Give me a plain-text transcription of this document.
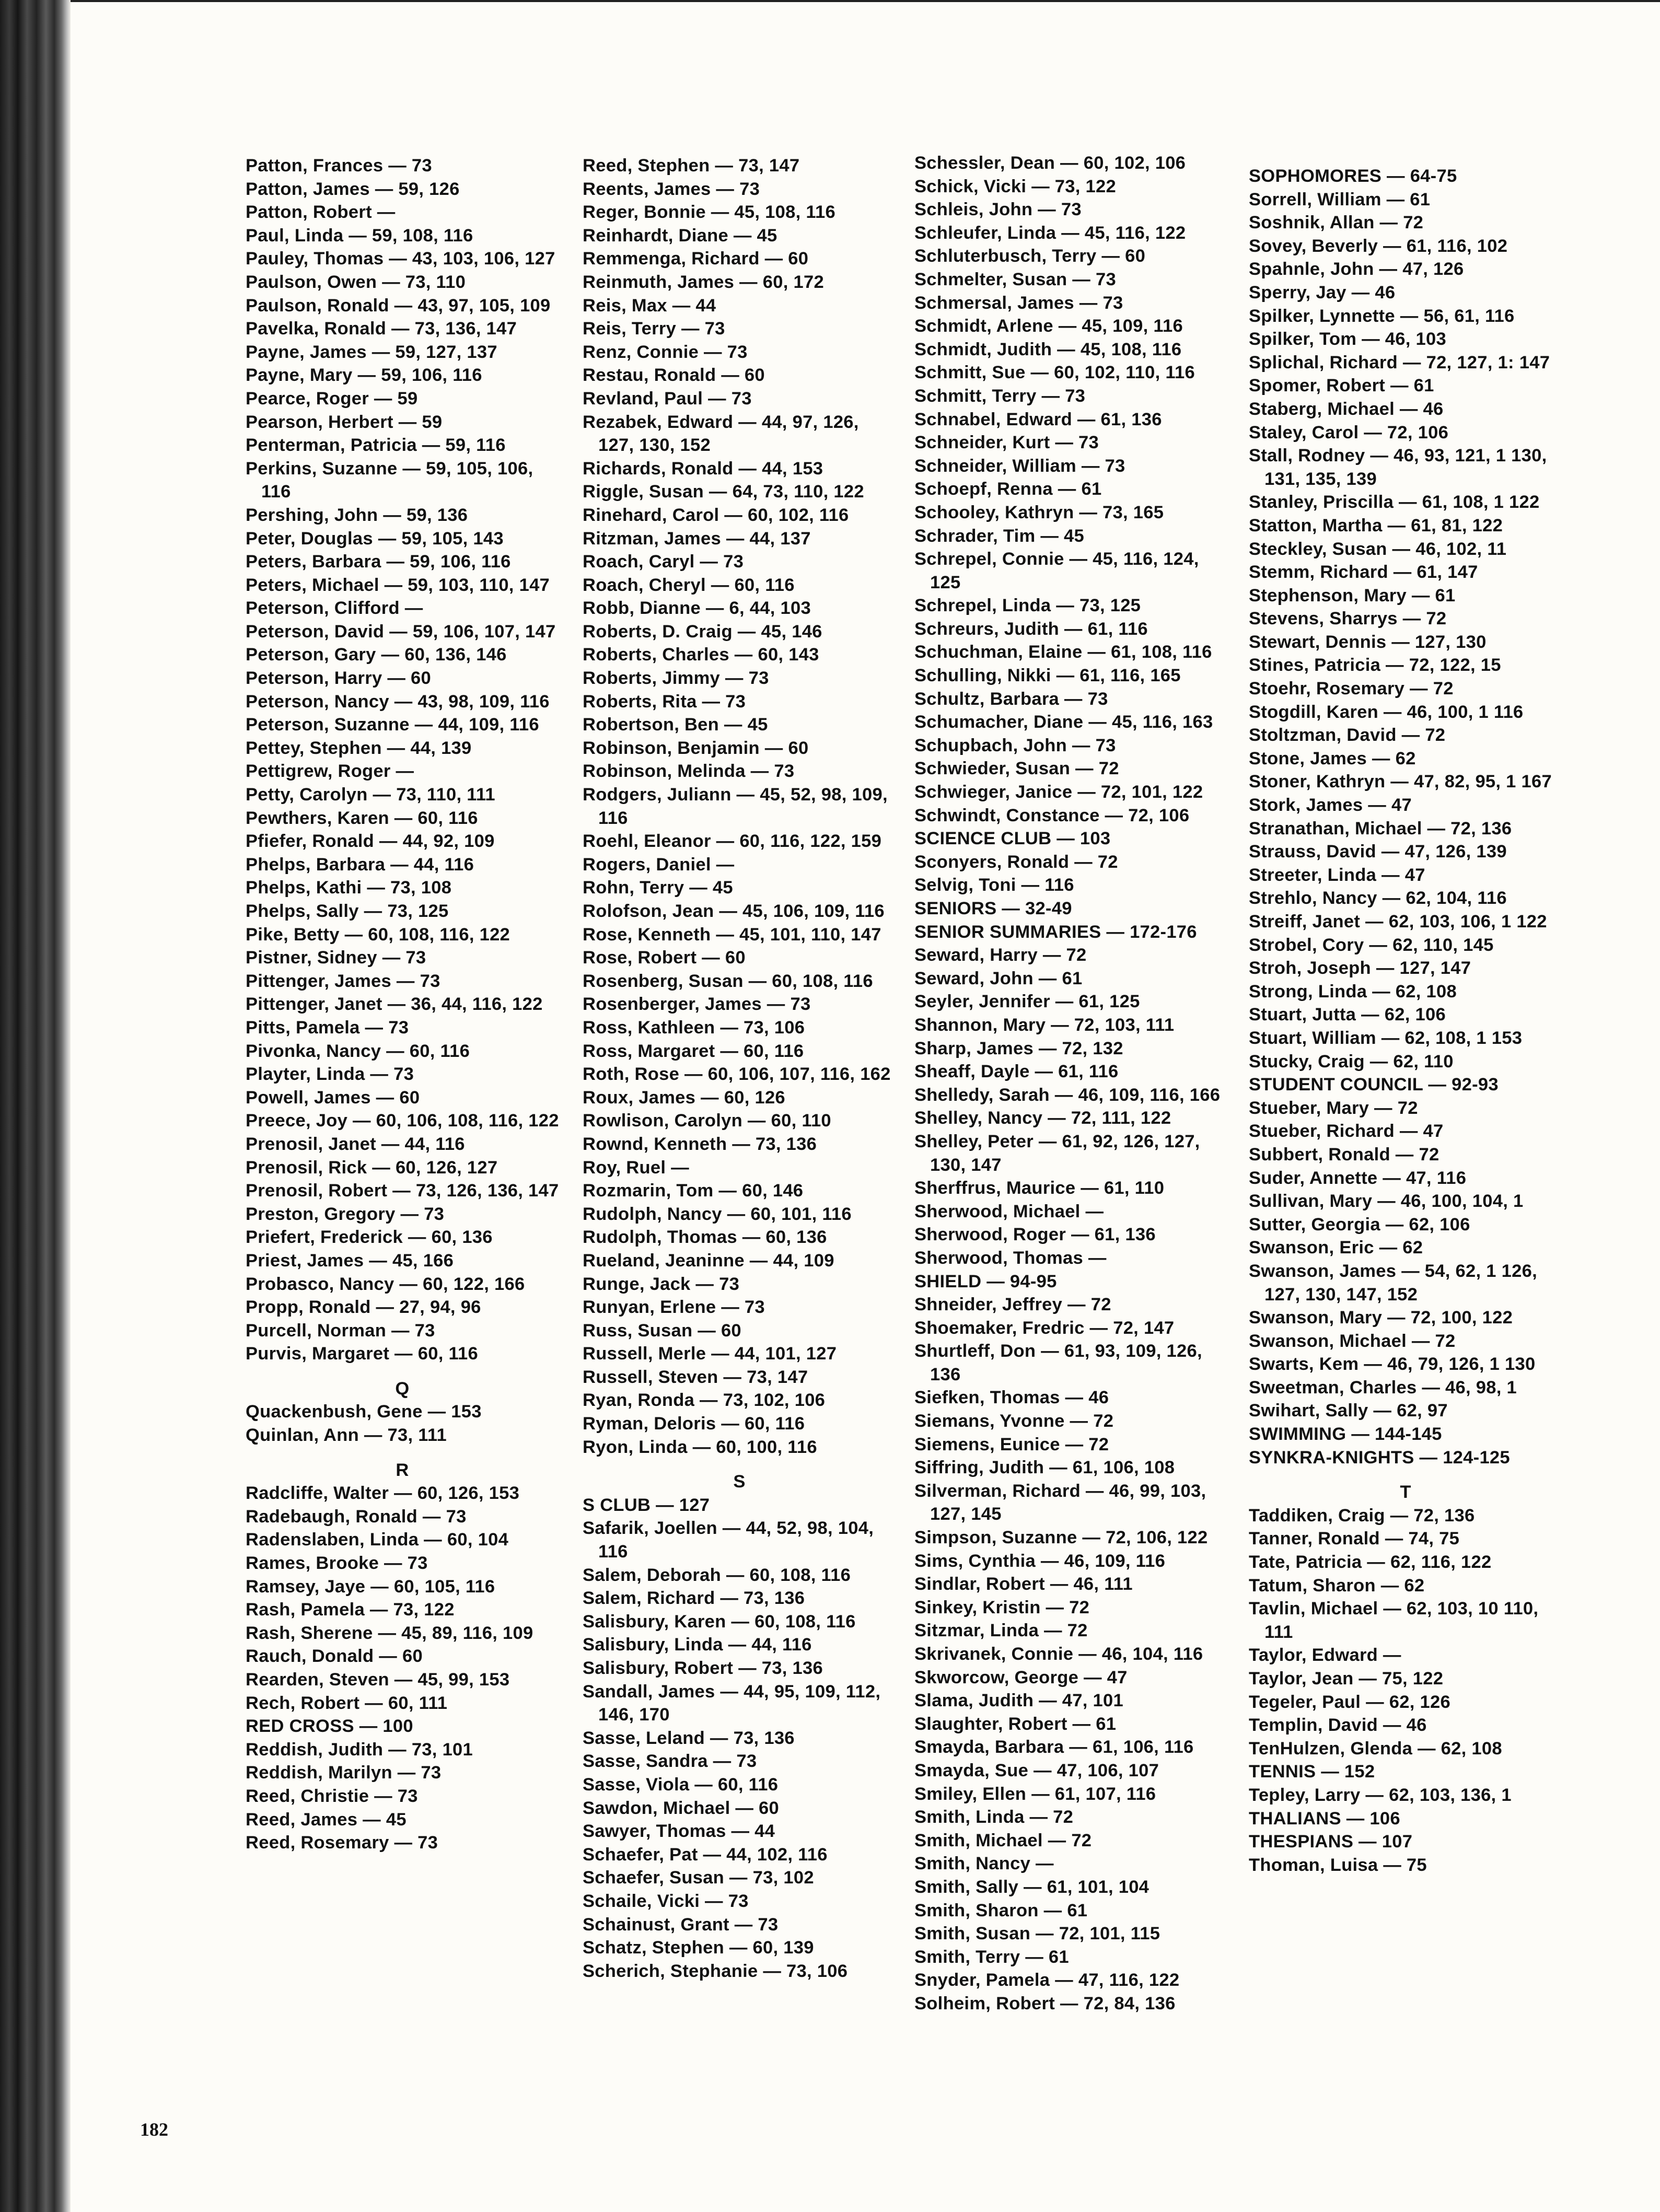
Patton, Frances — 73
Patton, James — 59, 126
Patton, Robert —
Paul, Linda — 59, 108, 116
Pauley, Thomas — 43, 103, 106, 127
Paulson, Owen — 73, 110
Paulson, Ronald — 43, 97, 105, 109
Pavelka, Ronald — 73, 136, 147
Payne, James — 59, 127, 137
Payne, Mary — 59, 106, 116
Pearce, Roger — 59
Pearson, Herbert — 59
Penterman, Patricia — 59, 116
Perkins, Suzanne — 59, 105, 106, 116
Pershing, John — 59, 136
Peter, Douglas — 59, 105, 143
Peters, Barbara — 59, 106, 116
Peters, Michael — 59, 103, 110, 147
Peterson, Clifford —
Peterson, David — 59, 106, 107, 147
Peterson, Gary — 60, 136, 146
Peterson, Harry — 60
Peterson, Nancy — 43, 98, 109, 116
Peterson, Suzanne — 44, 109, 116
Pettey, Stephen — 44, 139
Pettigrew, Roger —
Petty, Carolyn — 73, 110, 111
Pewthers, Karen — 60, 116
Pfiefer, Ronald — 44, 92, 109
Phelps, Barbara — 44, 116
Phelps, Kathi — 73, 108
Phelps, Sally — 73, 125
Pike, Betty — 60, 108, 116, 122
Pistner, Sidney — 73
Pittenger, James — 73
Pittenger, Janet — 36, 44, 116, 122
Pitts, Pamela — 73
Pivonka, Nancy — 60, 116
Playter, Linda — 73
Powell, James — 60
Preece, Joy — 60, 106, 108, 116, 122
Prenosil, Janet — 44, 116
Prenosil, Rick — 60, 126, 127
Prenosil, Robert — 73, 126, 136, 147
Preston, Gregory — 73
Priefert, Frederick — 60, 136
Priest, James — 45, 166
Probasco, Nancy — 60, 122, 166
Propp, Ronald — 27, 94, 96
Purcell, Norman — 73
Purvis, Margaret — 60, 116
Q
Quackenbush, Gene — 153
Quinlan, Ann — 73, 111
R
Radcliffe, Walter — 60, 126, 153
Radebaugh, Ronald — 73
Radenslaben, Linda — 60, 104
Rames, Brooke — 73
Ramsey, Jaye — 60, 105, 116
Rash, Pamela — 73, 122
Rash, Sherene — 45, 89, 116, 109
Rauch, Donald — 60
Rearden, Steven — 45, 99, 153
Rech, Robert — 60, 111
RED CROSS — 100
Reddish, Judith — 73, 101
Reddish, Marilyn — 73
Reed, Christie — 73
Reed, James — 45
Reed, Rosemary — 73
Reed, Stephen — 73, 147
Reents, James — 73
Reger, Bonnie — 45, 108, 116
Reinhardt, Diane — 45
Remmenga, Richard — 60
Reinmuth, James — 60, 172
Reis, Max — 44
Reis, Terry — 73
Renz, Connie — 73
Restau, Ronald — 60
Revland, Paul — 73
Rezabek, Edward — 44, 97, 126, 127, 130, 152
Richards, Ronald — 44, 153
Riggle, Susan — 64, 73, 110, 122
Rinehard, Carol — 60, 102, 116
Ritzman, James — 44, 137
Roach, Caryl — 73
Roach, Cheryl — 60, 116
Robb, Dianne — 6, 44, 103
Roberts, D. Craig — 45, 146
Roberts, Charles — 60, 143
Roberts, Jimmy — 73
Roberts, Rita — 73
Robertson, Ben — 45
Robinson, Benjamin — 60
Robinson, Melinda — 73
Rodgers, Juliann — 45, 52, 98, 109, 116
Roehl, Eleanor — 60, 116, 122, 159
Rogers, Daniel —
Rohn, Terry — 45
Rolofson, Jean — 45, 106, 109, 116
Rose, Kenneth — 45, 101, 110, 147
Rose, Robert — 60
Rosenberg, Susan — 60, 108, 116
Rosenberger, James — 73
Ross, Kathleen — 73, 106
Ross, Margaret — 60, 116
Roth, Rose — 60, 106, 107, 116, 162
Roux, James — 60, 126
Rowlison, Carolyn — 60, 110
Rownd, Kenneth — 73, 136
Roy, Ruel —
Rozmarin, Tom — 60, 146
Rudolph, Nancy — 60, 101, 116
Rudolph, Thomas — 60, 136
Rueland, Jeaninne — 44, 109
Runge, Jack — 73
Runyan, Erlene — 73
Russ, Susan — 60
Russell, Merle — 44, 101, 127
Russell, Steven — 73, 147
Ryan, Ronda — 73, 102, 106
Ryman, Deloris — 60, 116
Ryon, Linda — 60, 100, 116
S
S CLUB — 127
Safarik, Joellen — 44, 52, 98, 104, 116
Salem, Deborah — 60, 108, 116
Salem, Richard — 73, 136
Salisbury, Karen — 60, 108, 116
Salisbury, Linda — 44, 116
Salisbury, Robert — 73, 136
Sandall, James — 44, 95, 109, 112, 146, 170
Sasse, Leland — 73, 136
Sasse, Sandra — 73
Sasse, Viola — 60, 116
Sawdon, Michael — 60
Sawyer, Thomas — 44
Schaefer, Pat — 44, 102, 116
Schaefer, Susan — 73, 102
Schaile, Vicki — 73
Schainust, Grant — 73
Schatz, Stephen — 60, 139
Scherich, Stephanie — 73, 106
Schessler, Dean — 60, 102, 106
Schick, Vicki — 73, 122
Schleis, John — 73
Schleufer, Linda — 45, 116, 122
Schluterbusch, Terry — 60
Schmelter, Susan — 73
Schmersal, James — 73
Schmidt, Arlene — 45, 109, 116
Schmidt, Judith — 45, 108, 116
Schmitt, Sue — 60, 102, 110, 116
Schmitt, Terry — 73
Schnabel, Edward — 61, 136
Schneider, Kurt — 73
Schneider, William — 73
Schoepf, Renna — 61
Schooley, Kathryn — 73, 165
Schrader, Tim — 45
Schrepel, Connie — 45, 116, 124, 125
Schrepel, Linda — 73, 125
Schreurs, Judith — 61, 116
Schuchman, Elaine — 61, 108, 116
Schulling, Nikki — 61, 116, 165
Schultz, Barbara — 73
Schumacher, Diane — 45, 116, 163
Schupbach, John — 73
Schwieder, Susan — 72
Schwieger, Janice — 72, 101, 122
Schwindt, Constance — 72, 106
SCIENCE CLUB — 103
Sconyers, Ronald — 72
Selvig, Toni — 116
SENIORS — 32-49
SENIOR SUMMARIES — 172-176
Seward, Harry — 72
Seward, John — 61
Seyler, Jennifer — 61, 125
Shannon, Mary — 72, 103, 111
Sharp, James — 72, 132
Sheaff, Dayle — 61, 116
Shelledy, Sarah — 46, 109, 116, 166
Shelley, Nancy — 72, 111, 122
Shelley, Peter — 61, 92, 126, 127, 130, 147
Sherffrus, Maurice — 61, 110
Sherwood, Michael —
Sherwood, Roger — 61, 136
Sherwood, Thomas —
SHIELD — 94-95
Shneider, Jeffrey — 72
Shoemaker, Fredric — 72, 147
Shurtleff, Don — 61, 93, 109, 126, 136
Siefken, Thomas — 46
Siemans, Yvonne — 72
Siemens, Eunice — 72
Siffring, Judith — 61, 106, 108
Silverman, Richard — 46, 99, 103, 127, 145
Simpson, Suzanne — 72, 106, 122
Sims, Cynthia — 46, 109, 116
Sindlar, Robert — 46, 111
Sinkey, Kristin — 72
Sitzmar, Linda — 72
Skrivanek, Connie — 46, 104, 116
Skworcow, George — 47
Slama, Judith — 47, 101
Slaughter, Robert — 61
Smayda, Barbara — 61, 106, 116
Smayda, Sue — 47, 106, 107
Smiley, Ellen — 61, 107, 116
Smith, Linda — 72
Smith, Michael — 72
Smith, Nancy —
Smith, Sally — 61, 101, 104
Smith, Sharon — 61
Smith, Susan — 72, 101, 115
Smith, Terry — 61
Snyder, Pamela — 47, 116, 122
Solheim, Robert — 72, 84, 136
SOPHOMORES — 64-75
Sorrell, William — 61
Soshnik, Allan — 72
Sovey, Beverly — 61, 116, 102
Spahnle, John — 47, 126
Sperry, Jay — 46
Spilker, Lynnette — 56, 61, 116
Spilker, Tom — 46, 103
Splichal, Richard — 72, 127, 1: 147
Spomer, Robert — 61
Staberg, Michael — 46
Staley, Carol — 72, 106
Stall, Rodney — 46, 93, 121, 1 130, 131, 135, 139
Stanley, Priscilla — 61, 108, 1 122
Statton, Martha — 61, 81, 122
Steckley, Susan — 46, 102, 11
Stemm, Richard — 61, 147
Stephenson, Mary — 61
Stevens, Sharrys — 72
Stewart, Dennis — 127, 130
Stines, Patricia — 72, 122, 15
Stoehr, Rosemary — 72
Stogdill, Karen — 46, 100, 1 116
Stoltzman, David — 72
Stone, James — 62
Stoner, Kathryn — 47, 82, 95, 1 167
Stork, James — 47
Stranathan, Michael — 72, 136
Strauss, David — 47, 126, 139
Streeter, Linda — 47
Strehlo, Nancy — 62, 104, 116
Streiff, Janet — 62, 103, 106, 1 122
Strobel, Cory — 62, 110, 145
Stroh, Joseph — 127, 147
Strong, Linda — 62, 108
Stuart, Jutta — 62, 106
Stuart, William — 62, 108, 1 153
Stucky, Craig — 62, 110
STUDENT COUNCIL — 92-93
Stueber, Mary — 72
Stueber, Richard — 47
Subbert, Ronald — 72
Suder, Annette — 47, 116
Sullivan, Mary — 46, 100, 104, 1
Sutter, Georgia — 62, 106
Swanson, Eric — 62
Swanson, James — 54, 62, 1 126, 127, 130, 147, 152
Swanson, Mary — 72, 100, 122
Swanson, Michael — 72
Swarts, Kem — 46, 79, 126, 1 130
Sweetman, Charles — 46, 98, 1
Swihart, Sally — 62, 97
SWIMMING — 144-145
SYNKRA-KNIGHTS — 124-125
T
Taddiken, Craig — 72, 136
Tanner, Ronald — 74, 75
Tate, Patricia — 62, 116, 122
Tatum, Sharon — 62
Tavlin, Michael — 62, 103, 10 110, 111
Taylor, Edward —
Taylor, Jean — 75, 122
Tegeler, Paul — 62, 126
Templin, David — 46
TenHulzen, Glenda — 62, 108
TENNIS — 152
Tepley, Larry — 62, 103, 136, 1
THALIANS — 106
THESPIANS — 107
Thoman, Luisa — 75
182
